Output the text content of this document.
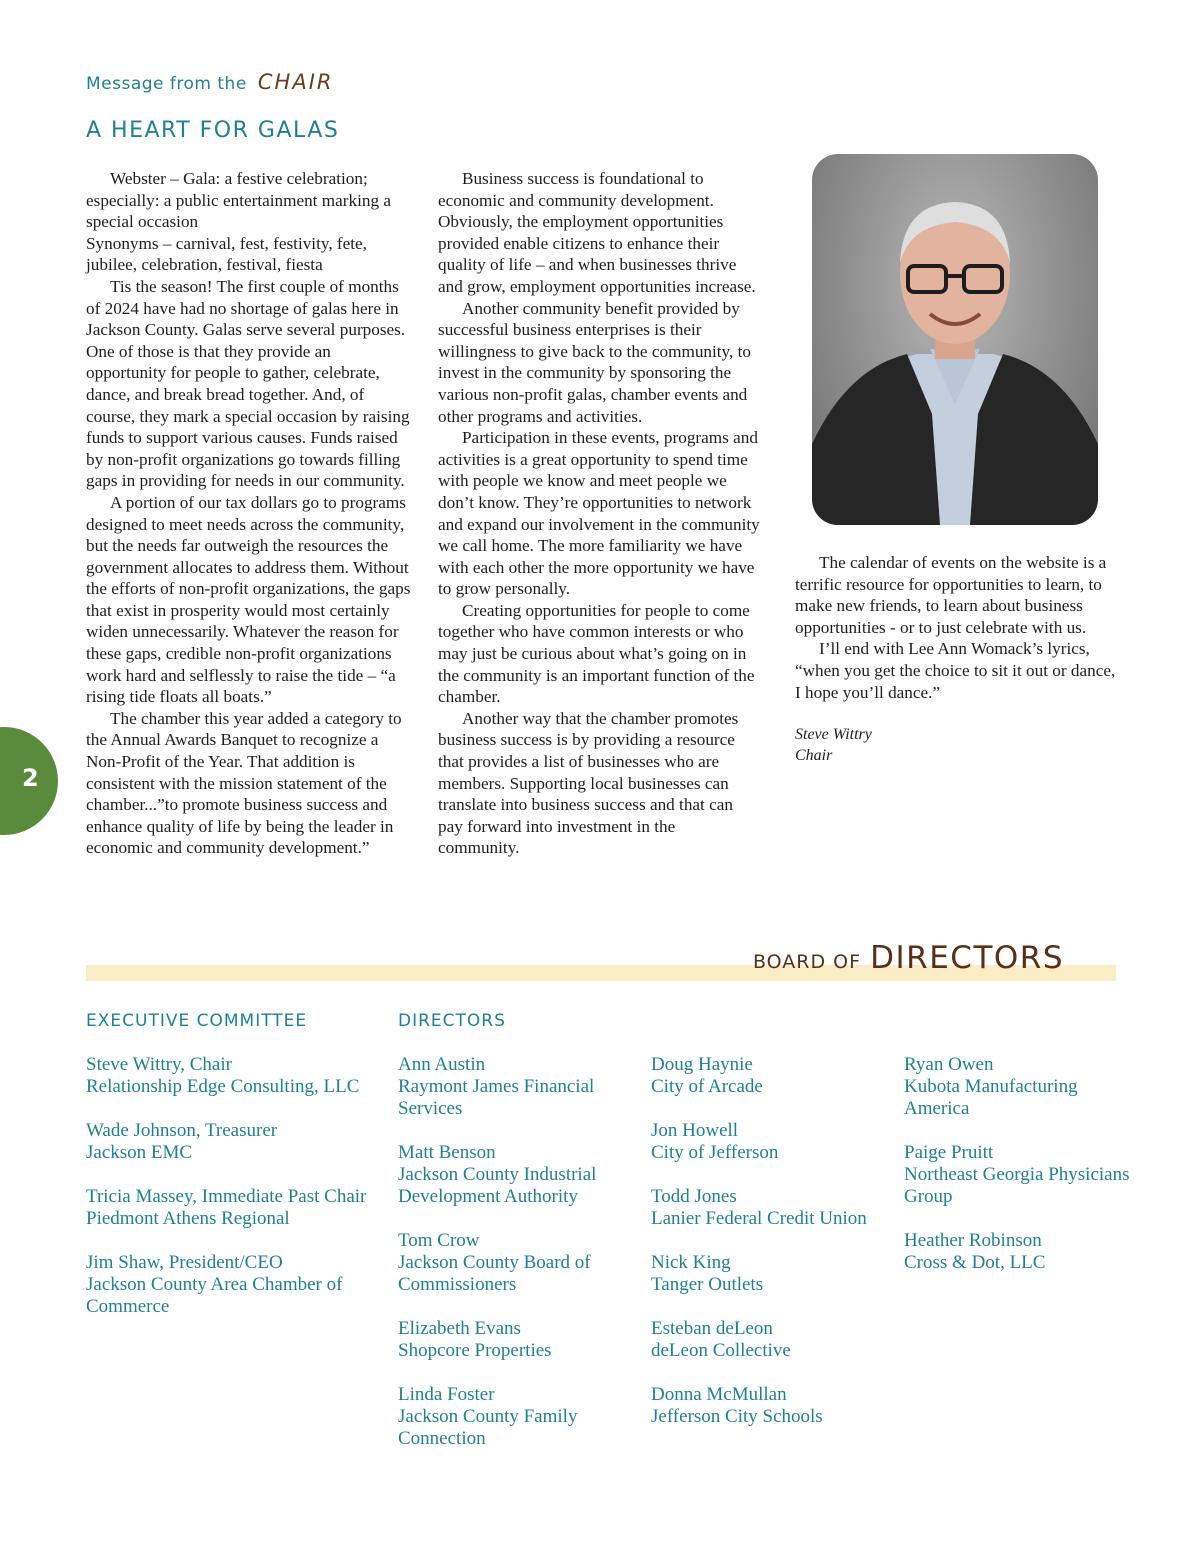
Message from the CHAIR
A HEART FOR GALAS

Webster – Gala: a festive celebration; especially: a public entertainment marking a special occasion

Synonyms – carnival, fest, festivity, fete, jubilee, celebration, festival, fiesta

Tis the season! The first couple of months of 2024 have had no shortage of galas here in Jackson County. Galas serve several purposes. One of those is that they provide an opportunity for people to gather, celebrate, dance, and break bread together. And, of course, they mark a special occasion by raising funds to support various causes. Funds raised by non-profit organizations go towards filling gaps in providing for needs in our community.

A portion of our tax dollars go to programs designed to meet needs across the community, but the needs far outweigh the resources the government allocates to address them. Without the efforts of non-profit organizations, the gaps that exist in prosperity would most certainly widen unnecessarily. Whatever the reason for these gaps, credible non-profit organizations work hard and selflessly to raise the tide – “a rising tide floats all boats.”

The chamber this year added a category to the Annual Awards Banquet to recognize a Non-Profit of the Year. That addition is consistent with the mission statement of the chamber...”to promote business success and enhance quality of life by being the leader in economic and community development.”

Business success is foundational to economic and community development. Obviously, the employment opportunities provided enable citizens to enhance their quality of life – and when businesses thrive and grow, employment opportunities increase.

Another community benefit provided by successful business enterprises is their willingness to give back to the community, to invest in the community by sponsoring the various non-profit galas, chamber events and other programs and activities.

Participation in these events, programs and activities is a great opportunity to spend time with people we know and meet people we don’t know. They’re opportunities to network and expand our involvement in the community we call home. The more familiarity we have with each other the more opportunity we have to grow personally.

Creating opportunities for people to come together who have common interests or who may just be curious about what’s going on in the community is an important function of the chamber.

Another way that the chamber promotes business success is by providing a resource that provides a list of businesses who are members. Supporting local businesses can translate into business success and that can pay forward into investment in the community.

The calendar of events on the website is a terrific resource for opportunities to learn, to make new friends, to learn about business opportunities - or to just celebrate with us.

I’ll end with Lee Ann Womack’s lyrics, “when you get the choice to sit it out or dance, I hope you’ll dance.”

Steve Wittry
Chair

2
BOARD OF DIRECTORS
EXECUTIVE COMMITTEE	DIRECTORS
Steve Wittry, Chair
Relationship Edge Consulting, LLC
Wade Johnson, Treasurer
Jackson EMC
Tricia Massey, Immediate Past Chair
Piedmont Athens Regional
Jim Shaw, President/CEO
Jackson County Area Chamber of
Commerce
Ann Austin
Raymont James Financial
Services
Matt Benson
Jackson County Industrial
Development Authority
Tom Crow
Jackson County Board of
Commissioners
Elizabeth Evans
Shopcore Properties
Linda Foster
Jackson County Family
Connection
Doug Haynie
City of Arcade
Jon Howell
City of Jefferson
Todd Jones
Lanier Federal Credit Union
Nick King
Tanger Outlets
Esteban deLeon
deLeon Collective
Donna McMullan
Jefferson City Schools
Ryan Owen
Kubota Manufacturing
America
Paige Pruitt
Northeast Georgia Physicians
Group
Heather Robinson
Cross & Dot, LLC
